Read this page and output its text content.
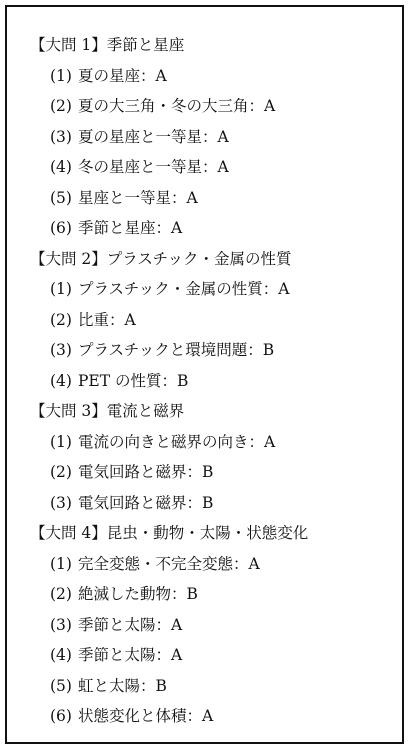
【大問 1】季節と星座
(1) 夏の星座：A
(2) 夏の大三角・冬の大三角：A
(3) 夏の星座と一等星：A
(4) 冬の星座と一等星：A
(5) 星座と一等星：A
(6) 季節と星座：A
【大問 2】プラスチック・金属の性質
(1) プラスチック・金属の性質：A
(2) 比重：A
(3) プラスチックと環境問題：B
(4) PET の性質：B
【大問 3】電流と磁界
(1) 電流の向きと磁界の向き：A
(2) 電気回路と磁界：B
(3) 電気回路と磁界：B
【大問 4】昆虫・動物・太陽・状態変化
(1) 完全変態・不完全変態：A
(2) 絶滅した動物：B
(3) 季節と太陽：A
(4) 季節と太陽：A
(5) 虹と太陽：B
(6) 状態変化と体積：A
